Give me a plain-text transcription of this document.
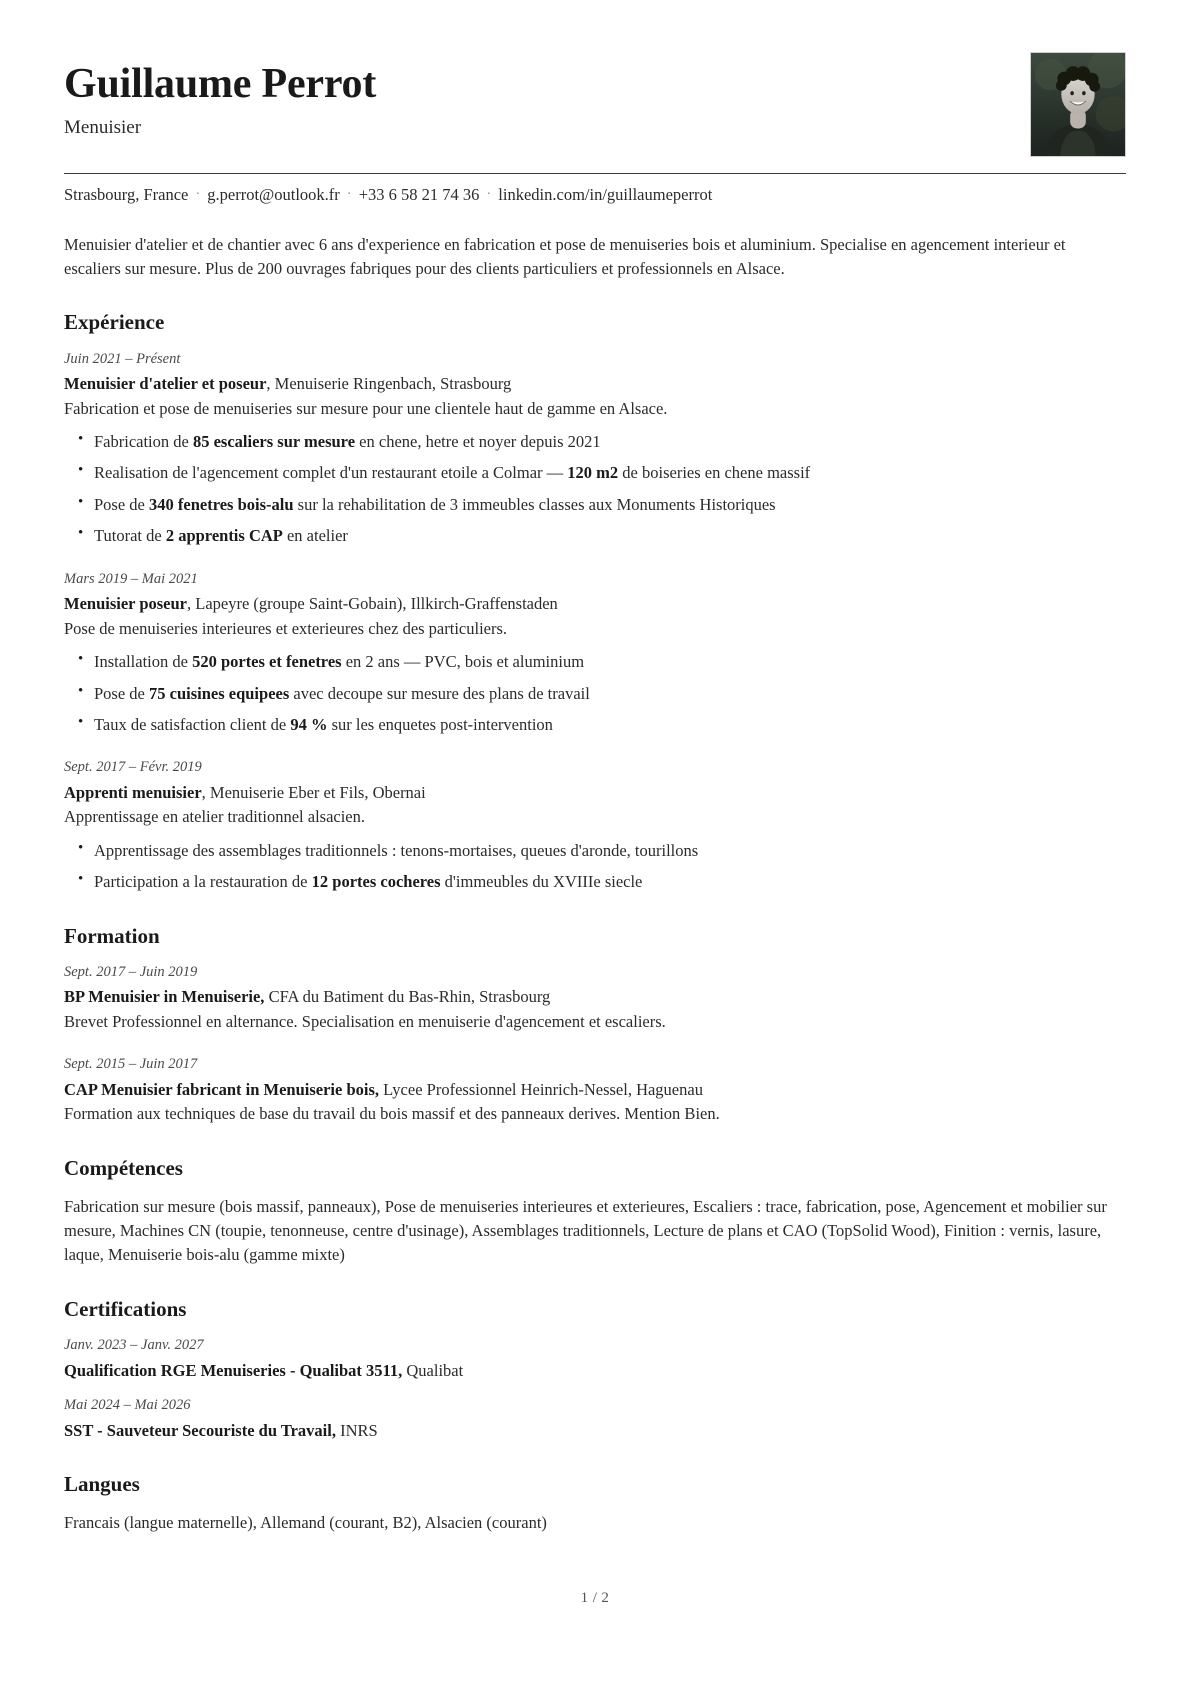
Guillaume Perrot
Menuisier
Strasbourg, France · g.perrot@outlook.fr · +33 6 58 21 74 36 · linkedin.com/in/guillaumeperrot
Menuisier d'atelier et de chantier avec 6 ans d'experience en fabrication et pose de menuiseries bois et aluminium. Specialise en agencement interieur et escaliers sur mesure. Plus de 200 ouvrages fabriques pour des clients particuliers et professionnels en Alsace.
Expérience
Juin 2021 – Présent
Menuisier d'atelier et poseur, Menuiserie Ringenbach, Strasbourg
Fabrication et pose de menuiseries sur mesure pour une clientele haut de gamme en Alsace.
• Fabrication de 85 escaliers sur mesure en chene, hetre et noyer depuis 2021
• Realisation de l'agencement complet d'un restaurant etoile a Colmar — 120 m2 de boiseries en chene massif
• Pose de 340 fenetres bois-alu sur la rehabilitation de 3 immeubles classes aux Monuments Historiques
• Tutorat de 2 apprentis CAP en atelier
Mars 2019 – Mai 2021
Menuisier poseur, Lapeyre (groupe Saint-Gobain), Illkirch-Graffenstaden
Pose de menuiseries interieures et exterieures chez des particuliers.
• Installation de 520 portes et fenetres en 2 ans — PVC, bois et aluminium
• Pose de 75 cuisines equipees avec decoupe sur mesure des plans de travail
• Taux de satisfaction client de 94 % sur les enquetes post-intervention
Sept. 2017 – Févr. 2019
Apprenti menuisier, Menuiserie Eber et Fils, Obernai
Apprentissage en atelier traditionnel alsacien.
• Apprentissage des assemblages traditionnels : tenons-mortaises, queues d'aronde, tourillons
• Participation a la restauration de 12 portes cocheres d'immeubles du XVIIIe siecle
Formation
Sept. 2017 – Juin 2019
BP Menuisier in Menuiserie, CFA du Batiment du Bas-Rhin, Strasbourg
Brevet Professionnel en alternance. Specialisation en menuiserie d'agencement et escaliers.
Sept. 2015 – Juin 2017
CAP Menuisier fabricant in Menuiserie bois, Lycee Professionnel Heinrich-Nessel, Haguenau
Formation aux techniques de base du travail du bois massif et des panneaux derives. Mention Bien.
Compétences
Fabrication sur mesure (bois massif, panneaux), Pose de menuiseries interieures et exterieures, Escaliers : trace, fabrication, pose, Agencement et mobilier sur mesure, Machines CN (toupie, tenonneuse, centre d'usinage), Assemblages traditionnels, Lecture de plans et CAO (TopSolid Wood), Finition : vernis, lasure, laque, Menuiserie bois-alu (gamme mixte)
Certifications
Janv. 2023 – Janv. 2027
Qualification RGE Menuiseries - Qualibat 3511, Qualibat
Mai 2024 – Mai 2026
SST - Sauveteur Secouriste du Travail, INRS
Langues
Francais (langue maternelle), Allemand (courant, B2), Alsacien (courant)
1 / 2
